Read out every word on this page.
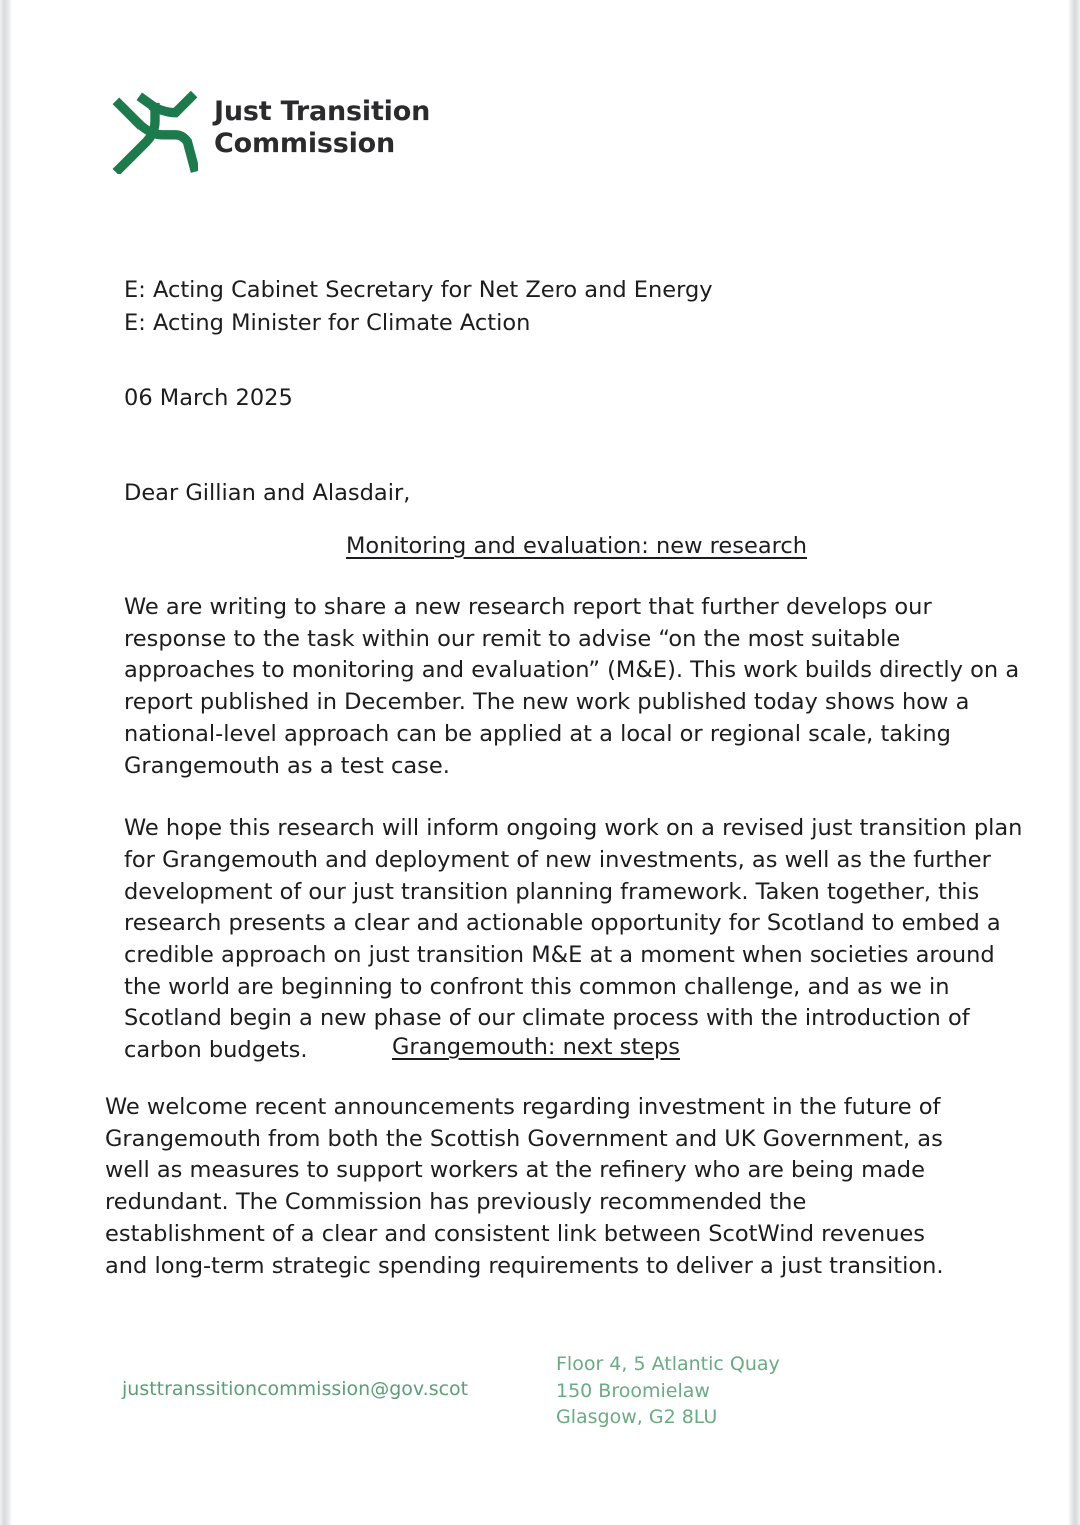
Just Transition
Commission
E: Acting Cabinet Secretary for Net Zero and Energy
E: Acting Minister for Climate Action
06 March 2025
Dear Gillian and Alasdair,

Monitoring and evaluation: new research

We are writing to share a new research report that further develops our response to the task within our remit to advise “on the most suitable approaches to monitoring and evaluation” (M&E). This work builds directly on a report published in December. The new work published today shows how a national-level approach can be applied at a local or regional scale, taking Grangemouth as a test case.

We hope this research will inform ongoing work on a revised just transition plan for Grangemouth and deployment of new investments, as well as the further development of our just transition planning framework. Taken together, this research presents a clear and actionable opportunity for Scotland to embed a credible approach on just transition M&E at a moment when societies around the world are beginning to confront this common challenge, and as we in Scotland begin a new phase of our climate process with the introduction of carbon budgets.	Grangemouth: next steps

We welcome recent announcements regarding investment in the future of Grangemouth from both the Scottish Government and UK Government, as well as measures to support workers at the refinery who are being made redundant. The Commission has previously recommended the establishment of a clear and consistent link between ScotWind revenues and long-term strategic spending requirements to deliver a just transition.

justtranssitioncommission@gov.scot
Floor 4, 5 Atlantic Quay
150 Broomielaw
Glasgow, G2 8LU
